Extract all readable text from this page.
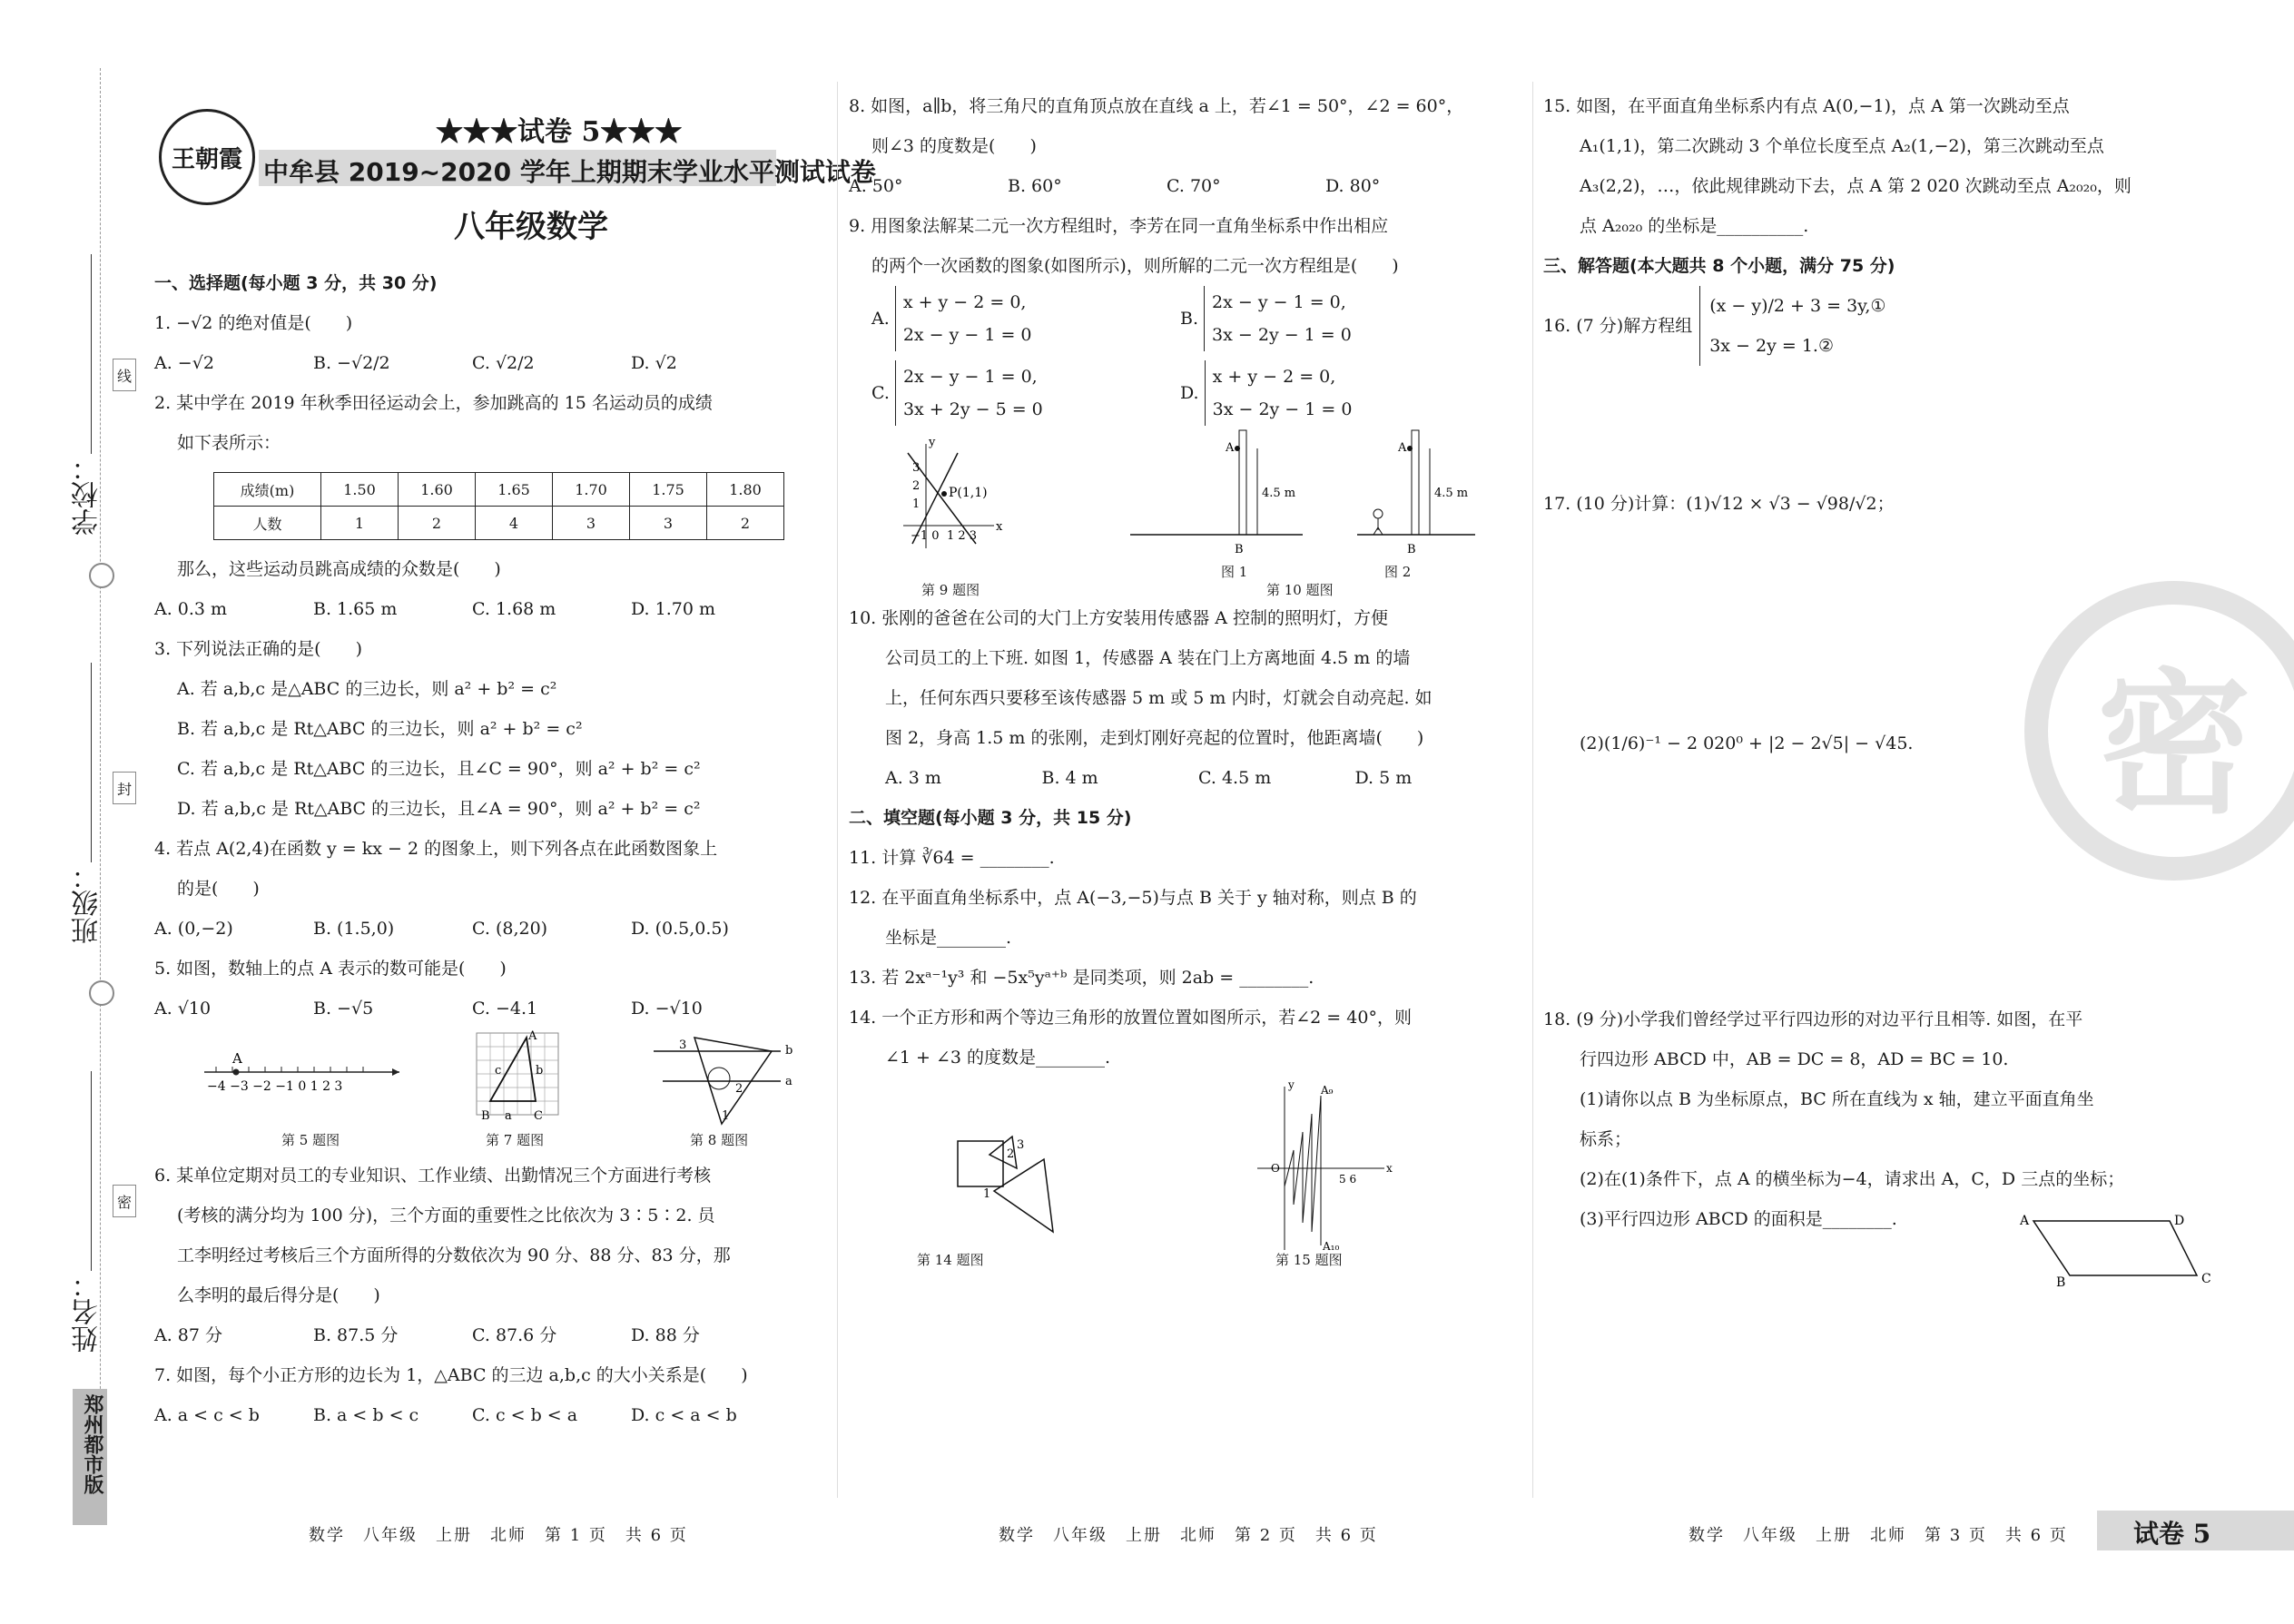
线
封
密
学校：
班级：
姓名：
郑州都市版
王朝霞
★★★试卷 5★★★
中牟县 2019~2020 学年上期期末学业水平测试试卷
八年级数学
一、选择题(每小题 3 分，共 30 分)

1. −√2 的绝对值是(　　)

A. −√2	B. −√2/2	C. √2/2	D. √2

2. 某中学在 2019 年秋季田径运动会上，参加跳高的 15 名运动员的成绩

如下表所示：

成绩(m)	1.50	1.60	1.65	1.70	1.75	1.80
人数	1	2	4	3	3	2

那么，这些运动员跳高成绩的众数是(　　)

A. 0.3 m	B. 1.65 m	C. 1.68 m	D. 1.70 m

3. 下列说法正确的是(　　)

A. 若 a,b,c 是△ABC 的三边长，则 a² + b² = c²

B. 若 a,b,c 是 Rt△ABC 的三边长，则 a² + b² = c²

C. 若 a,b,c 是 Rt△ABC 的三边长，且∠C = 90°，则 a² + b² = c²

D. 若 a,b,c 是 Rt△ABC 的三边长，且∠A = 90°，则 a² + b² = c²

4. 若点 A(2,4)在函数 y = kx − 2 的图象上，则下列各点在此函数图象上

的是(　　)

A. (0,−2)	B. (1.5,0)	C. (8,20)	D. (0.5,0.5)

5. 如图，数轴上的点 A 表示的数可能是(　　)

A. √10	B. −√5	C. −4.1	D. −√10
A
−4 −3 −2 −1 0 1 2 3
B a C
A
c	b
3	b
a
2
1
第 5 题图	第 7 题图	第 8 题图

6. 某单位定期对员工的专业知识、工作业绩、出勤情况三个方面进行考核

(考核的满分均为 100 分)，三个方面的重要性之比依次为 3∶5∶2. 员

工李明经过考核后三个方面所得的分数依次为 90 分、88 分、83 分，那

么李明的最后得分是(　　)

A. 87 分	B. 87.5 分	C. 87.6 分	D. 88 分

7. 如图，每个小正方形的边长为 1，△ABC 的三边 a,b,c 的大小关系是(　　)

A. a < c < b	B. a < b < c	C. c < b < a	D. c < a < b
数学　八年级　上册　北师　第 1 页　共 6 页

8. 如图，a∥b，将三角尺的直角顶点放在直线 a 上，若∠1 = 50°，∠2 = 60°，

则∠3 的度数是(　　)

A. 50°	B. 60°	C. 70°	D. 80°

9. 用图象法解某二元一次方程组时，李芳在同一直角坐标系中作出相应

的两个一次函数的图象(如图所示)，则所解的二元一次方程组是(　　)

A.
x + y − 2 = 0,
2x − y − 1 = 0
B.
2x − y − 1 = 0,
3x − 2y − 1 = 0
C.
2x − y − 1 = 0,
3x + 2y − 5 = 0
D.
x + y − 2 = 0,
3x − 2y − 1 = 0
P(1,1)
y
x
−1 0 1 2 3
3
2
1
A
4.5 m
B
A
4.5 m
B
第 9 题图
图 1	图 2
第 10 题图

10. 张刚的爸爸在公司的大门上方安装用传感器 A 控制的照明灯，方便

公司员工的上下班. 如图 1，传感器 A 装在门上方离地面 4.5 m 的墙

上，任何东西只要移至该传感器 5 m 或 5 m 内时，灯就会自动亮起. 如

图 2，身高 1.5 m 的张刚，走到灯刚好亮起的位置时，他距离墙(　　)

A. 3 m	B. 4 m	C. 4.5 m	D. 5 m
二、填空题(每小题 3 分，共 15 分)

11. 计算 ∛64 = ________.

12. 在平面直角坐标系中，点 A(−3,−5)与点 B 关于 y 轴对称，则点 B 的

坐标是________.

13. 若 2xᵃ⁻¹y³ 和 −5x⁵yᵃ⁺ᵇ 是同类项，则 2ab = ________.

14. 一个正方形和两个等边三角形的放置位置如图所示，若∠2 = 40°，则

∠1 + ∠3 的度数是________.

1
2
3
y
x
O
A₉
A₁₀
5 6
第 14 题图	第 15 题图
数学　八年级　上册　北师　第 2 页　共 6 页

15. 如图，在平面直角坐标系内有点 A(0,−1)，点 A 第一次跳动至点

A₁(1,1)，第二次跳动 3 个单位长度至点 A₂(1,−2)，第三次跳动至点

A₃(2,2)，…，依此规律跳动下去，点 A 第 2 020 次跳动至点 A₂₀₂₀，则

点 A₂₀₂₀ 的坐标是__________.

三、解答题(本大题共 8 个小题，满分 75 分)
16. (7 分)解方程组
(x − y)/2 + 3 = 3y,①
3x − 2y = 1.②

17. (10 分)计算：(1)√12 × √3 − √98/√2；

(2)(1/6)⁻¹ − 2 020⁰ + |2 − 2√5| − √45.

18. (9 分)小学我们曾经学过平行四边形的对边平行且相等. 如图，在平

行四边形 ABCD 中，AB = DC = 8，AD = BC = 10.

(1)请你以点 B 为坐标原点，BC 所在直线为 x 轴，建立平面直角坐

标系；

(2)在(1)条件下，点 A 的横坐标为−4，请求出 A，C，D 三点的坐标；

(3)平行四边形 ABCD 的面积是________.	A	D
B	C
数学　八年级　上册　北师　第 3 页　共 6 页	试卷 5
密
